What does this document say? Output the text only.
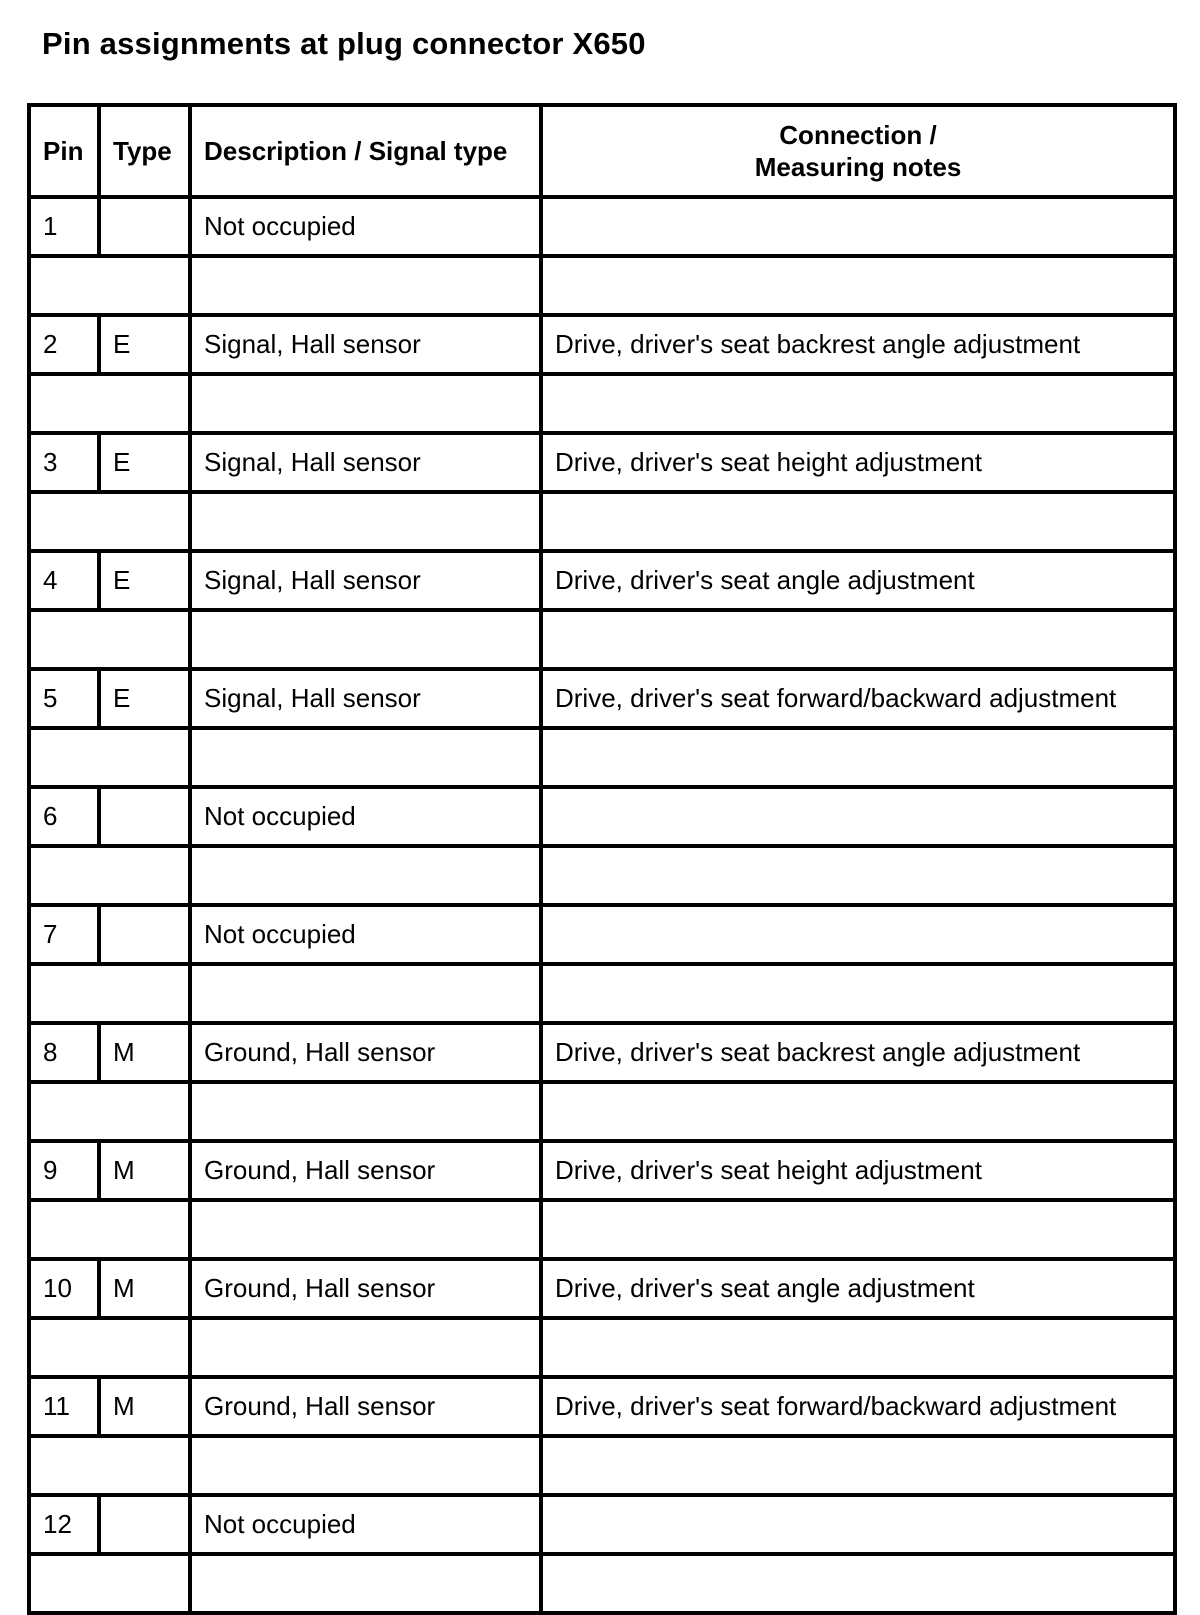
Pin assignments at plug connector X650
Pin	Type	Description / Signal type	Connection /
Measuring notes

1		Not occupied	

2	E	Signal, Hall sensor	Drive, driver's seat backrest angle adjustment

3	E	Signal, Hall sensor	Drive, driver's seat height adjustment

4	E	Signal, Hall sensor	Drive, driver's seat angle adjustment

5	E	Signal, Hall sensor	Drive, driver's seat forward/backward adjustment

6		Not occupied	

7		Not occupied	

8	M	Ground, Hall sensor	Drive, driver's seat backrest angle adjustment

9	M	Ground, Hall sensor	Drive, driver's seat height adjustment

10	M	Ground, Hall sensor	Drive, driver's seat angle adjustment

11	M	Ground, Hall sensor	Drive, driver's seat forward/backward adjustment

12		Not occupied	
